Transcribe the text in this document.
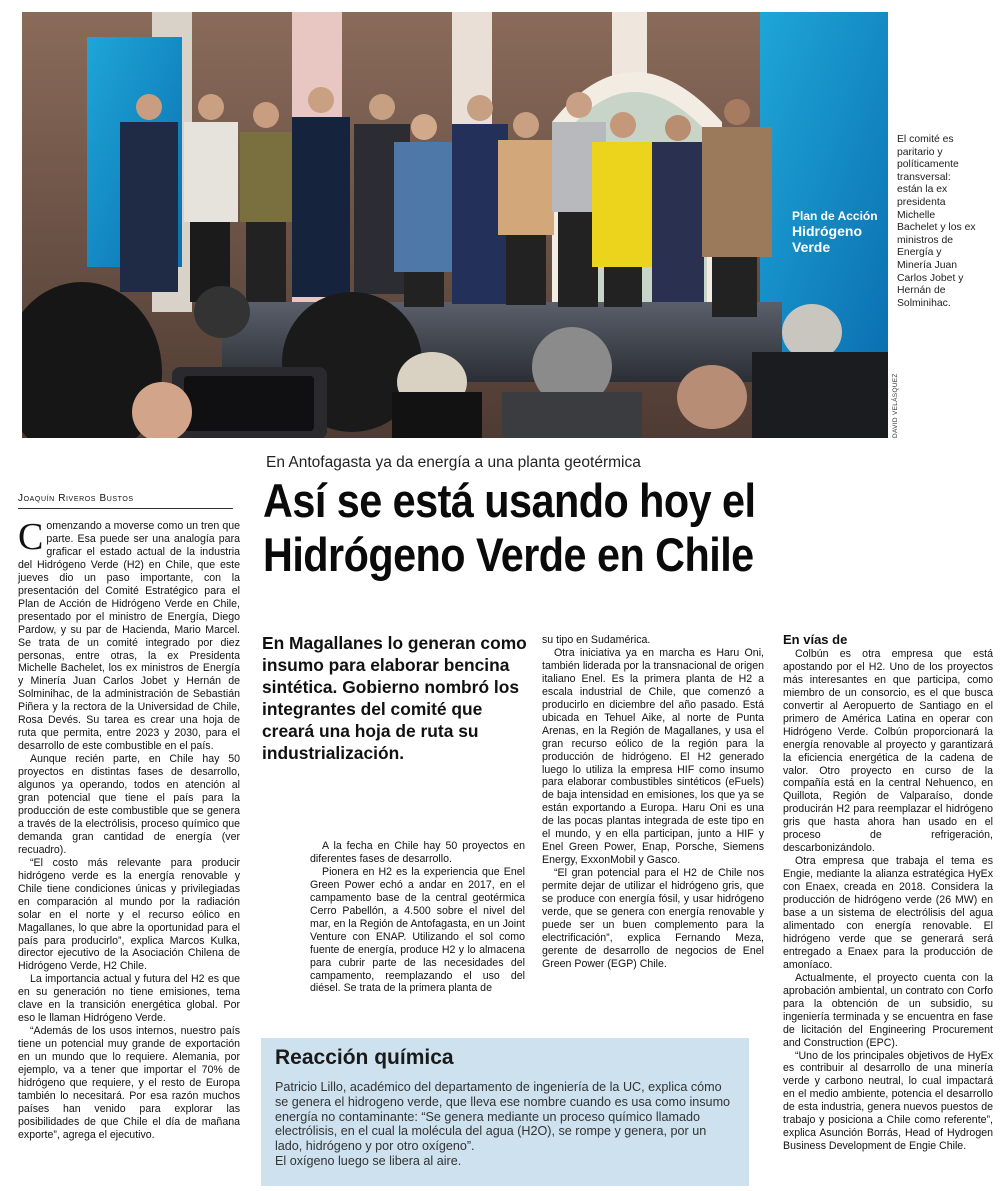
Plan de Acción
Hidrógeno
Verde
El comité es
paritario y
políticamente
transversal:
están la ex
presidenta
Michelle
Bachelet y los ex
ministros de
Energía y
Minería Juan
Carlos Jobet y
Hernán de
Solminihac.
DAVID VELÁSQUEZ
En Antofagasta ya da energía a una planta geotérmica
Joaquín Riveros Bustos	Así se está usando hoy el
Hidrógeno Verde en Chile
C omenzando a moverse como un tren que parte. Esa puede ser una analogía para graficar el estado actual de la industria del Hidrógeno Verde (H2) en Chile, que este jueves dio un paso importante, con la presentación del Comité Estratégico para el Plan de Acción de Hidrógeno Verde en Chile, presentado por el ministro de Energía, Diego Pardow, y su par de Hacienda, Mario Marcel. Se trata de un comité integrado por diez personas, entre otras, la ex Presidenta Michelle Bachelet, los ex ministros de Energía y Minería Juan Carlos Jobet y Hernán de Solminihac, de la administración de Sebastián Piñera y la rectora de la Universidad de Chile, Rosa Devés. Su tarea es crear una hoja de ruta que permita, entre 2023 y 2030, para el desarrollo de este combustible en el país.

Aunque recién parte, en Chile hay 50 proyectos en distintas fases de desarrollo, algunos ya operando, todos en atención al gran potencial que tiene el país para la producción de este combustible que se genera a través de la electrólisis, proceso químico que demanda gran cantidad de energía (ver recuadro).

“El costo más relevante para producir hidrógeno verde es la energía renovable y Chile tiene condiciones únicas y privilegiadas en comparación al mundo por la radiación solar en el norte y el recurso eólico en Magallanes, lo que abre la oportunidad para el país para producirlo”, explica Marcos Kulka, director ejecutivo de la Asociación Chilena de Hidrógeno Verde, H2 Chile.

La importancia actual y futura del H2 es que en su generación no tiene emisiones, tema clave en la transición energética global. Por eso le llaman Hidrógeno Verde.

“Además de los usos internos, nuestro país tiene un potencial muy grande de exportación en un mundo que lo requiere. Alemania, por ejemplo, va a tener que importar el 70% de hidrógeno que requiere, y el resto de Europa también lo necesitará. Por esa razón muchos países han venido para explorar las posibilidades de que Chile el día de mañana exporte”, agrega el ejecutivo.

En Magallanes lo generan como insumo para elaborar bencina sintética. Gobierno nombró los integrantes del comité que creará una hoja de ruta su industrialización.

A la fecha en Chile hay 50 proyectos en diferentes fases de desarrollo.

Pionera en H2 es la experiencia que Enel Green Power echó a andar en 2017, en el campamento base de la central geotérmica Cerro Pabellón, a 4.500 sobre el nivel del mar, en la Región de Antofagasta, en un Joint Venture con ENAP. Utilizando el sol como fuente de energía, produce H2 y lo almacena para cubrir parte de las necesidades del campamento, reemplazando el uso del diésel. Se trata de la primera planta de

su tipo en Sudamérica.

Otra iniciativa ya en marcha es Haru Oni, también liderada por la transnacional de origen italiano Enel. Es la primera planta de H2 a escala industrial de Chile, que comenzó a producirlo en diciembre del año pasado. Está ubicada en Tehuel Aike, al norte de Punta Arenas, en la Región de Magallanes, y usa el gran recurso eólico de la región para la producción de hidrógeno. El H2 generado luego lo utiliza la empresa HIF como insumo para elaborar combustibles sintéticos (eFuels) de baja intensidad en emisiones, los que ya se están exportando a Europa. Haru Oni es una de las pocas plantas integrada de este tipo en el mundo, y en ella participan, junto a HIF y Enel Green Power, Enap, Porsche, Siemens Energy, ExxonMobil y Gasco.

“El gran potencial para el H2 de Chile nos permite dejar de utilizar el hidrógeno gris, que se produce con energía fósil, y usar hidrógeno verde, que se genera con energía renovable y puede ser un buen complemento para la electrificación”, explica Fernando Meza, gerente de desarrollo de negocios de Enel Green Power (EGP) Chile.

En vías de

Colbún es otra empresa que está apostando por el H2. Uno de los proyectos más interesantes en que participa, como miembro de un consorcio, es el que busca convertir al Aeropuerto de Santiago en el primero de América Latina en operar con Hidrógeno Verde. Colbún proporcionará la energía renovable al proyecto y garantizará la eficiencia energética de la cadena de valor. Otro proyecto en curso de la compañía está en la central Nehuenco, en Quillota, Región de Valparaíso, donde producirán H2 para reemplazar el hidrógeno gris que hasta ahora han usado en el proceso de refrigeración, descarbonizándolo.

Otra empresa que trabaja el tema es Engie, mediante la alianza estratégica HyEx con Enaex, creada en 2018. Considera la producción de hidrógeno verde (26 MW) en base a un sistema de electrólisis del agua alimentado con energía renovable. El hidrógeno verde que se generará será entregado a Enaex para la producción de amoníaco.

Actualmente, el proyecto cuenta con la aprobación ambiental, un contrato con Corfo para la obtención de un subsidio, su ingeniería terminada y se encuentra en fase de licitación del Engineering Procurement and Construction (EPC).

“Uno de los principales objetivos de HyEx es contribuir al desarrollo de una minería verde y carbono neutral, lo cual impactará en el medio ambiente, potencia el desarrollo de esta industria, genera nuevos puestos de trabajo y posiciona a Chile como referente”, explica Asunción Borrás, Head of Hydrogen Business Development de Engie Chile.

Reacción química

Patricio Lillo, académico del departamento de ingeniería de la UC, explica cómo se genera el hidrogeno verde, que lleva ese nombre cuando es usa como insumo energía no contaminante: “Se genera mediante un proceso químico llamado electrólisis, en el cual la molécula del agua (H2O), se rompe y genera, por un lado, hidrógeno y por otro oxígeno”.

El oxígeno luego se libera al aire.
